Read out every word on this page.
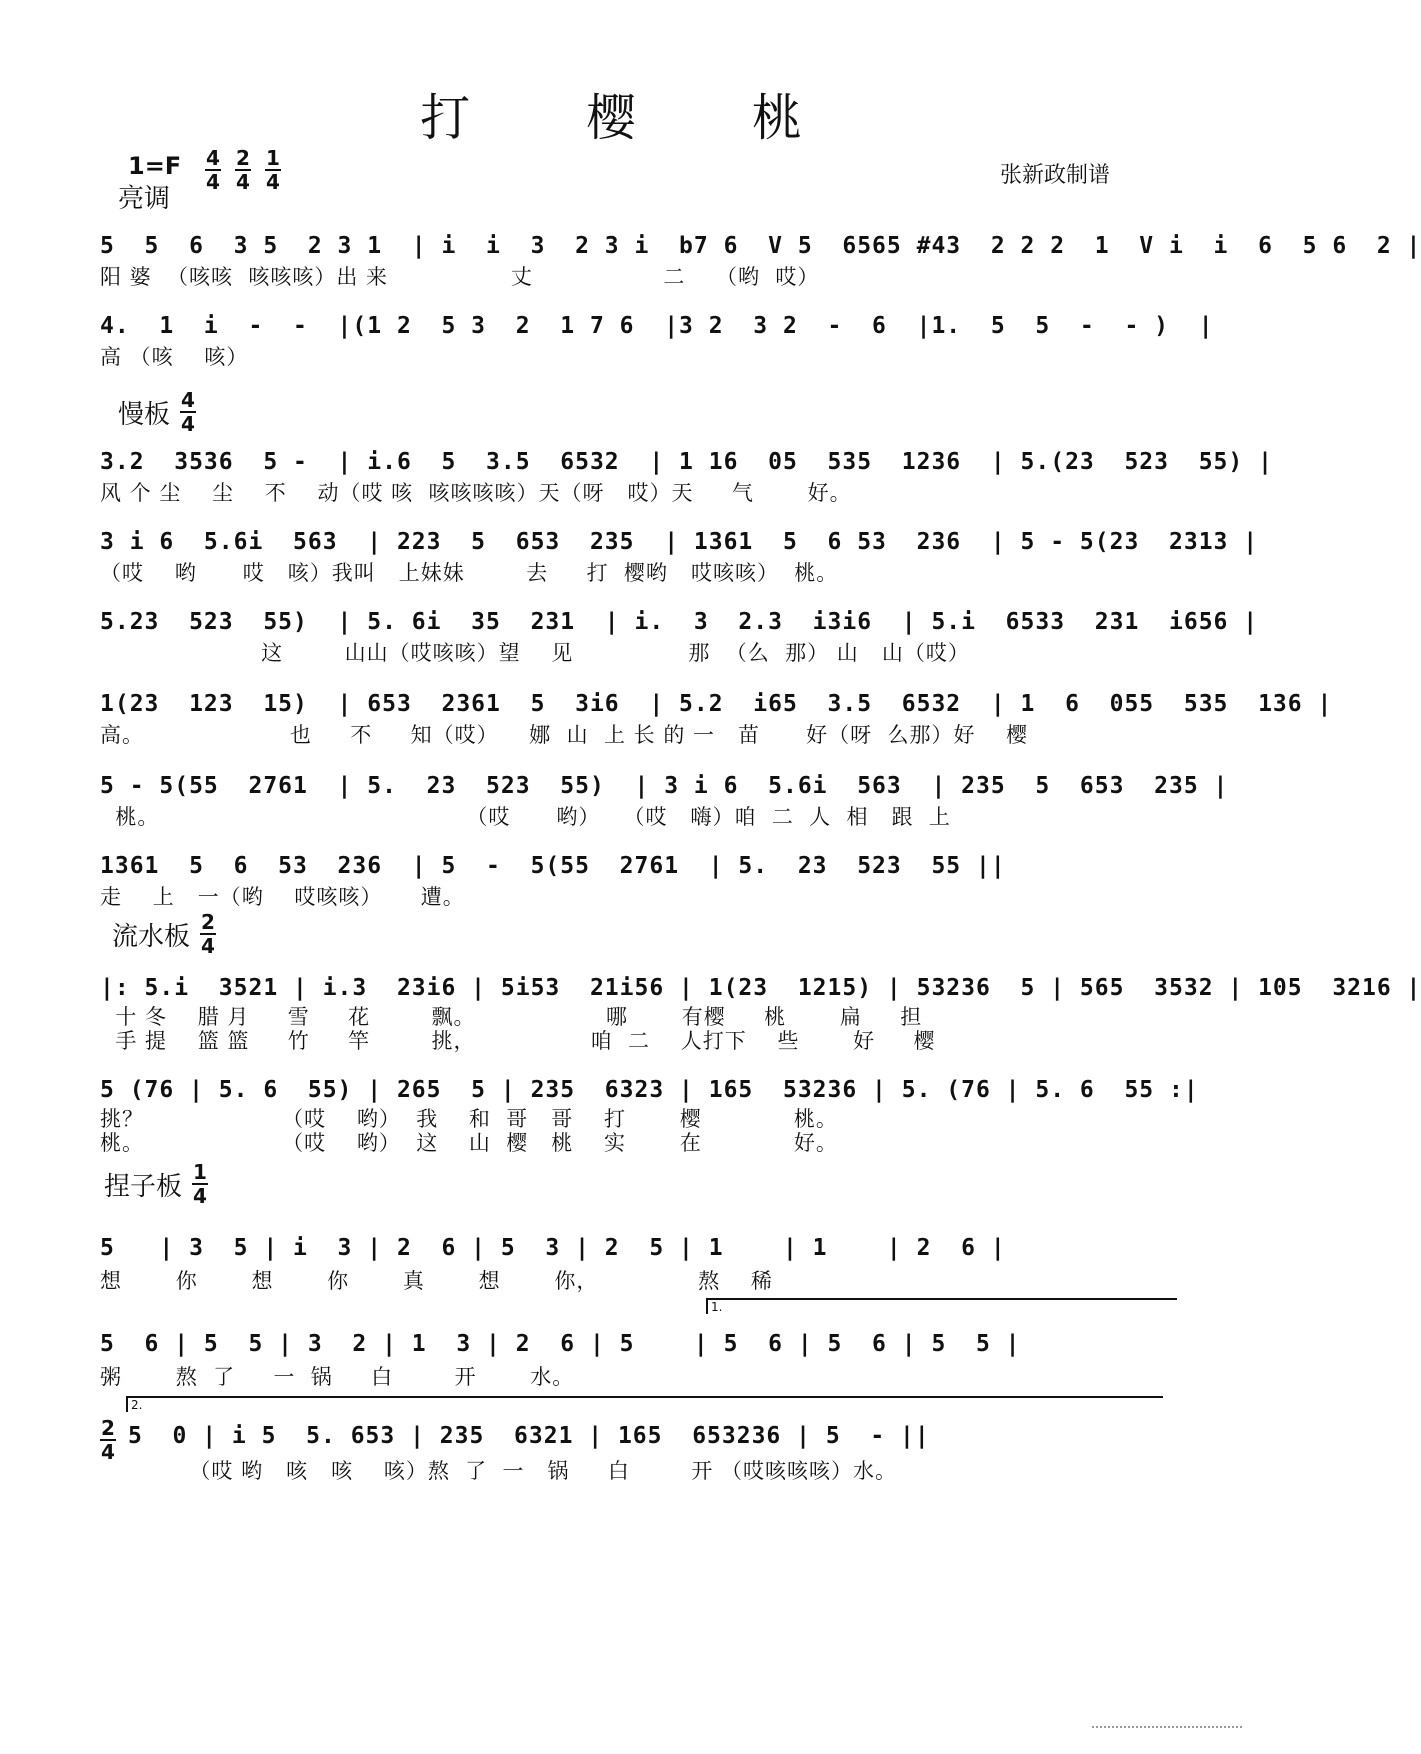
打 樱 桃
$1=F \frac{4}{4} \frac{2}{4} \frac{1}{4}$	张新政制谱
亮调
5  5  6  3 5  2 3 1  | i  i  3  2 3 i  b7 6  V 5  6565 #43  2 2 2  1  V i  i  6  5 6  2 |
阳 婆  （咳咳  咳咳咳）出 来                丈                 二    （哟  哎）
4.  1  i  -  -  |(1 2  5 3  2  1 7 6  |3 2  3 2  -  6  |1.  5  5  -  - )  |
高 （咳    咳）
慢板 $\frac{4}{4}$
3.2  3536  5 -  | i.6  5  3.5  6532  | 1 16  05  535  1236  | 5.(23  523  55) |
风 个 尘    尘    不    动（哎 咳  咳咳咳咳）天（呀   哎）天     气       好。
3 i 6  5.6i  563  | 223  5  653  235  | 1361  5  6 53  236  | 5 - 5(23  2313 |
（哎    哟      哎   咳）我叫   上妹妹        去     打  樱哟   哎咳咳）  桃。
5.23  523  55)  | 5. 6i  35  231  | i.  3  2.3  i3i6  | 5.i  6533  231  i656 |
这        山山（哎咳咳）望    见               那  （么  那） 山   山（哎）
1(23  123  15)  | 653  2361  5  3i6  | 5.2  i65  3.5  6532  | 1  6  055  535  136 |
高。                   也     不     知（哎）    娜  山  上 长 的 一   苗      好（呀  么那）好    樱
5 - 5(55  2761  | 5.  23  523  55)  | 3 i 6  5.6i  563  | 235  5  653  235 |
桃。                                        （哎      哟）   （哎   嗨）咱  二  人  相   跟  上
1361  5  6  53  236  | 5  -  5(55  2761  | 5.  23  523  55 ||
走    上   一（哟    哎咳咳）     遭。
流水板 $\frac{2}{4}$
|: 5.i  3521 | i.3  23i6 | 5i53  21i56 | 1(23  1215) | 53236  5 | 565  3532 | 105  3216 |
十 冬    腊 月     雪     花        飘。                 哪       有樱     桃       扁     担
手 提    篮 篮     竹     竿        挑，               咱  二    人打下    些       好     樱
5 (76 | 5. 6  55) | 265  5 | 235  6323 | 165  53236 | 5. (76 | 5. 6  55 :|
挑？                  （哎    哟）  我    和  哥   哥    打       樱            桃。
桃。                  （哎    哟）  这    山  樱   桃    实       在            好。
捏子板 $\frac{1}{4}$
5   | 3  5 | i  3 | 2  6 | 5  3 | 2  5 | 1    | 1    | 2  6 |
想       你       想       你       真       想       你，             熬    稀
1.
5  6 | 5  5 | 3  2 | 1  3 | 2  6 | 5    | 5  6 | 5  6 | 5  5 |
粥       熬  了     一  锅     白        开       水。
2.
$\frac{2}{4} 5$  0 | i 5  5. 653 | 235  6321 | 165  653236 | 5  - ||
（哎 哟   咳   咳    咳）熬  了  一   锅     白        开 （哎咳咳咳）水。
